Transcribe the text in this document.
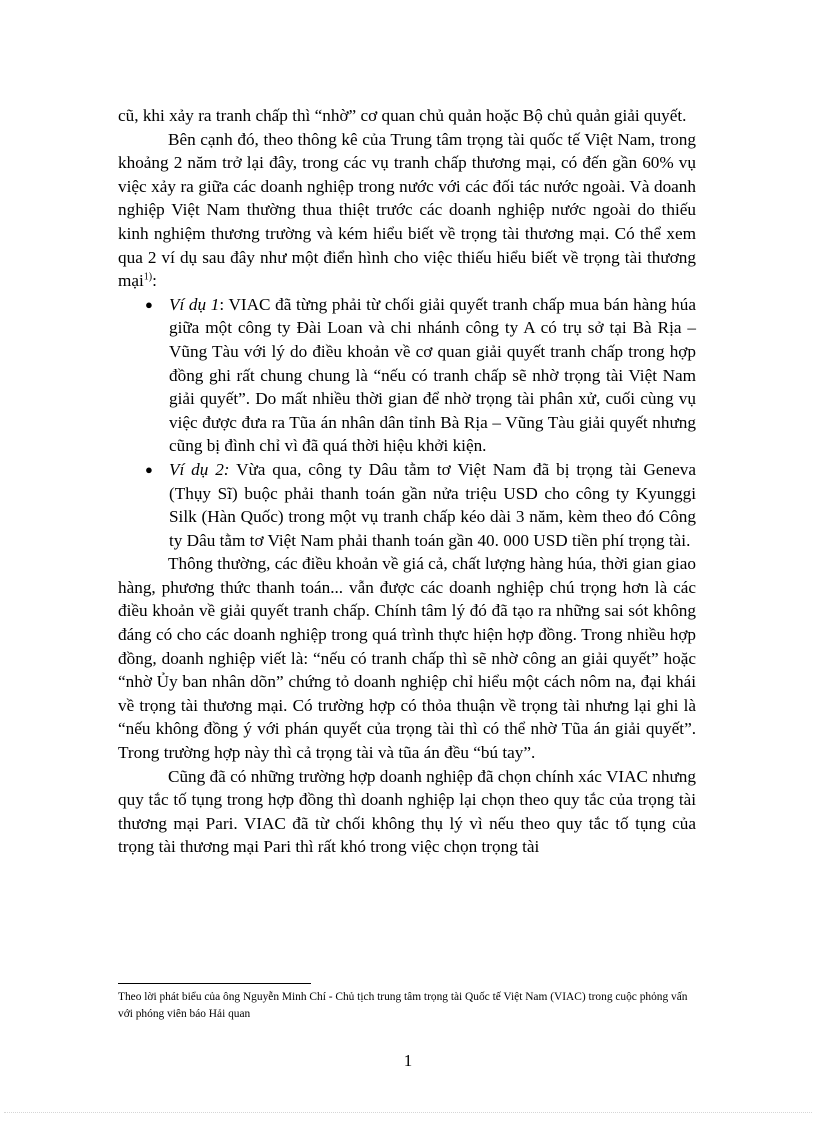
cũ, khi xảy ra tranh chấp thì “nhờ” cơ quan chủ quản hoặc Bộ chủ quản giải quyết.

Bên cạnh đó, theo thông kê của Trung tâm trọng tài quốc tế Việt Nam, trong khoảng 2 năm trở lại đây, trong các vụ tranh chấp thương mại, có đến gần 60% vụ việc xảy ra giữa các doanh nghiệp trong nước với các đối tác nước ngoài. Và doanh nghiệp Việt Nam thường thua thiệt trước các doanh nghiệp nước ngoài do thiếu kinh nghiệm thương trường và kém hiểu biết về trọng tài thương mại. Có thể xem qua 2 ví dụ sau đây như một điển hình cho việc thiếu hiểu biết về trọng tài thương mại$^{1)}$:

● Ví dụ 1: VIAC đã từng phải từ chối giải quyết tranh chấp mua bán hàng húa giữa một công ty Đài Loan và chi nhánh công ty A có trụ sở tại Bà Rịa – Vũng Tàu với lý do điều khoản về cơ quan giải quyết tranh chấp trong hợp đồng ghi rất chung chung là “nếu có tranh chấp sẽ nhờ trọng tài Việt Nam giải quyết”. Do mất nhiều thời gian để nhờ trọng tài phân xử, cuối cùng vụ việc được đưa ra Tũa án nhân dân tỉnh Bà Rịa – Vũng Tàu giải quyết nhưng cũng bị đình chỉ vì đã quá thời hiệu khởi kiện.
● Ví dụ 2: Vừa qua, công ty Dâu tằm tơ Việt Nam đã bị trọng tài Geneva (Thụy Sĩ) buộc phải thanh toán gần nửa triệu USD cho công ty Kyunggi Silk (Hàn Quốc) trong một vụ tranh chấp kéo dài 3 năm, kèm theo đó Công ty Dâu tằm tơ Việt Nam phải thanh toán gần 40. 000 USD tiền phí trọng tài.

Thông thường, các điều khoản về giá cả, chất lượng hàng húa, thời gian giao hàng, phương thức thanh toán... vẫn được các doanh nghiệp chú trọng hơn là các điều khoản về giải quyết tranh chấp. Chính tâm lý đó đã tạo ra những sai sót không đáng có cho các doanh nghiệp trong quá trình thực hiện hợp đồng. Trong nhiều hợp đồng, doanh nghiệp viết là: “nếu có tranh chấp thì sẽ nhờ công an giải quyết” hoặc “nhờ Ủy ban nhân dõn” chứng tỏ doanh nghiệp chỉ hiểu một cách nôm na, đại khái về trọng tài thương mại. Có trường hợp có thỏa thuận về trọng tài nhưng lại ghi là “nếu không đồng ý với phán quyết của trọng tài thì có thể nhờ Tũa án giải quyết”. Trong trường hợp này thì cả trọng tài và tũa án đều “bú tay”.

Cũng đã có những trường hợp doanh nghiệp đã chọn chính xác VIAC nhưng quy tắc tố tụng trong hợp đồng thì doanh nghiệp lại chọn theo quy tắc của trọng tài thương mại Pari. VIAC đã từ chối không thụ lý vì nếu theo quy tắc tố tụng của trọng tài thương mại Pari thì rất khó trong việc chọn trọng tài

Theo lời phát biểu của ông Nguyễn Minh Chí - Chủ tịch trung tâm trọng tài Quốc tế Việt Nam (VIAC) trong cuộc phỏng vấn với phóng viên báo Hải quan

1
